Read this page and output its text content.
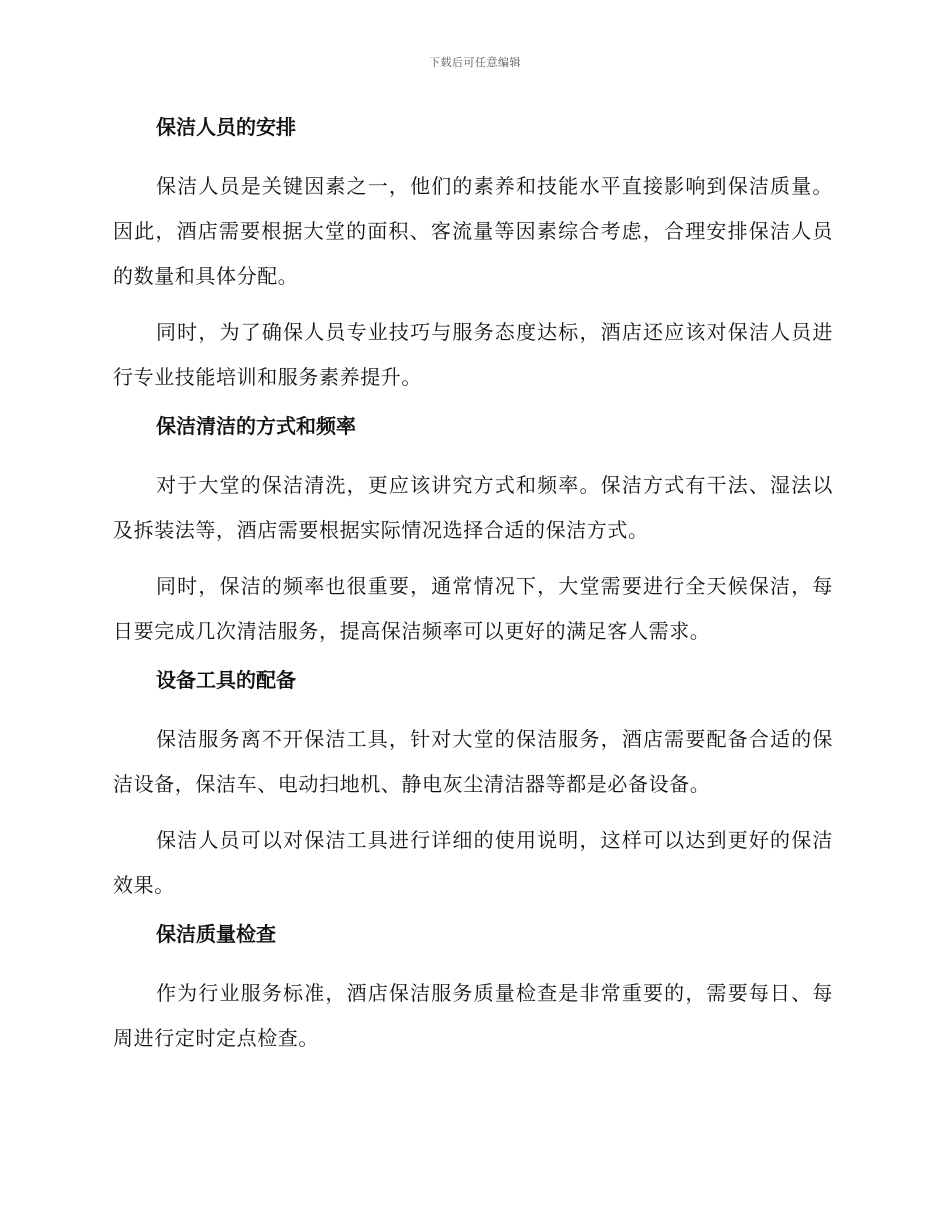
下载后可任意编辑
保洁人员的安排

保洁人员是关键因素之一，他们的素养和技能水平直接影响到保洁质量。因此，酒店需要根据大堂的面积、客流量等因素综合考虑，合理安排保洁人员的数量和具体分配。

同时，为了确保人员专业技巧与服务态度达标，酒店还应该对保洁人员进行专业技能培训和服务素养提升。

保洁清洁的方式和频率

对于大堂的保洁清洗，更应该讲究方式和频率。保洁方式有干法、湿法以及拆装法等，酒店需要根据实际情况选择合适的保洁方式。

同时，保洁的频率也很重要，通常情况下，大堂需要进行全天候保洁，每日要完成几次清洁服务，提高保洁频率可以更好的满足客人需求。

设备工具的配备

保洁服务离不开保洁工具，针对大堂的保洁服务，酒店需要配备合适的保洁设备，保洁车、电动扫地机、静电灰尘清洁器等都是必备设备。

保洁人员可以对保洁工具进行详细的使用说明，这样可以达到更好的保洁效果。

保洁质量检查

作为行业服务标准，酒店保洁服务质量检查是非常重要的，需要每日、每周进行定时定点检查。
